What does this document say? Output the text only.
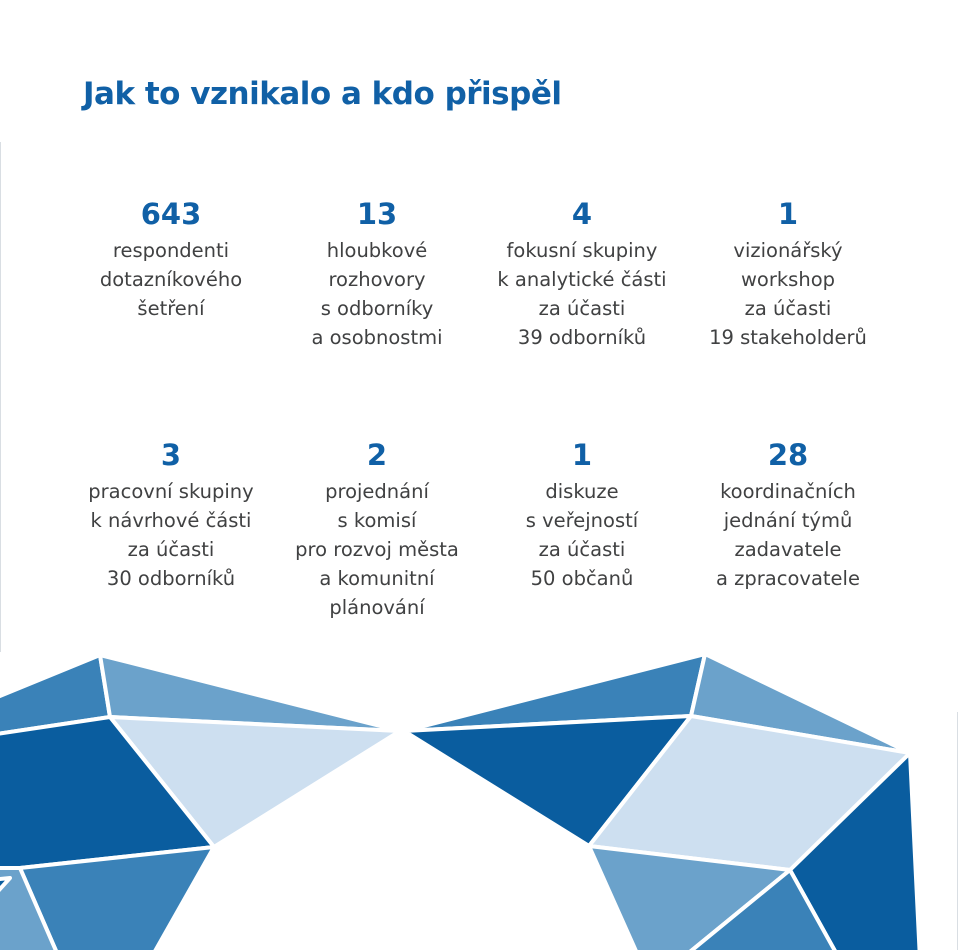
Jak to vznikalo a kdo přispěl
643
respondenti
dotazníkového
šetření
13
hloubkové
rozhovory
s odborníky
a osobnostmi
4
fokusní skupiny
k analytické části
za účasti
39 odborníků
1
vizionářský
workshop
za účasti
19 stakeholderů
3
pracovní skupiny
k návrhové části
za účasti
30 odborníků
2
projednání
s komisí
pro rozvoj města
a komunitní
plánování
1
diskuze
s veřejností
za účasti
50 občanů
28
koordinačních
jednání týmů
zadavatele
a zpracovatele
